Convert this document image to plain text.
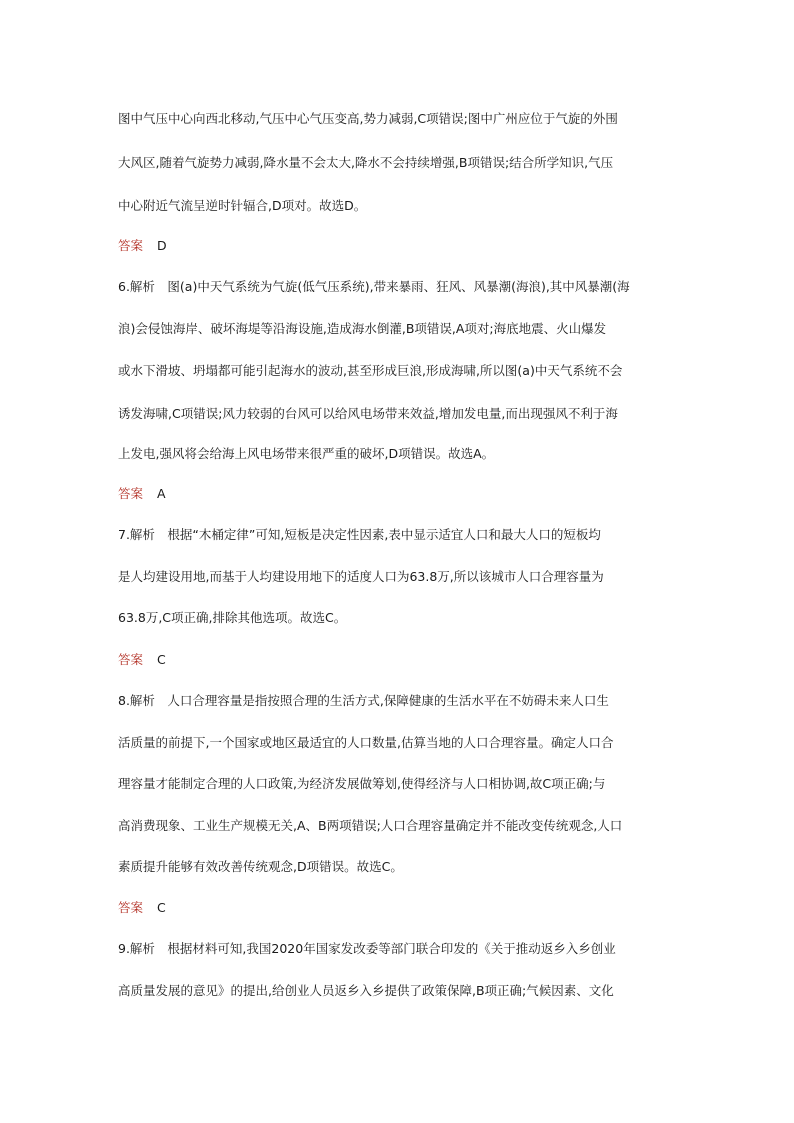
图中气压中心向西北移动,气压中心气压变高,势力减弱,C项错误;图中广州应位于气旋的外围
大风区,随着气旋势力减弱,降水量不会太大,降水不会持续增强,B项错误;结合所学知识,气压
中心附近气流呈逆时针辐合,D项对。故选D。
答案 D
6.解析　图(a)中天气系统为气旋(低气压系统),带来暴雨、狂风、风暴潮(海浪),其中风暴潮(海
浪)会侵蚀海岸、破坏海堤等沿海设施,造成海水倒灌,B项错误,A项对;海底地震、火山爆发
或水下滑坡、坍塌都可能引起海水的波动,甚至形成巨浪,形成海啸,所以图(a)中天气系统不会
诱发海啸,C项错误;风力较弱的台风可以给风电场带来效益,增加发电量,而出现强风不利于海
上发电,强风将会给海上风电场带来很严重的破坏,D项错误。故选A。
答案 A
7.解析　根据“木桶定律”可知,短板是决定性因素,表中显示适宜人口和最大人口的短板均
是人均建设用地,而基于人均建设用地下的适度人口为63.8万,所以该城市人口合理容量为
63.8万,C项正确,排除其他选项。故选C。
答案 C
8.解析　人口合理容量是指按照合理的生活方式,保障健康的生活水平在不妨碍未来人口生
活质量的前提下,一个国家或地区最适宜的人口数量,估算当地的人口合理容量。确定人口合
理容量才能制定合理的人口政策,为经济发展做筹划,使得经济与人口相协调,故C项正确;与
高消费现象、工业生产规模无关,A、B两项错误;人口合理容量确定并不能改变传统观念,人口
素质提升能够有效改善传统观念,D项错误。故选C。
答案 C
9.解析　根据材料可知,我国2020年国家发改委等部门联合印发的《关于推动返乡入乡创业
高质量发展的意见》的提出,给创业人员返乡入乡提供了政策保障,B项正确;气候因素、文化
